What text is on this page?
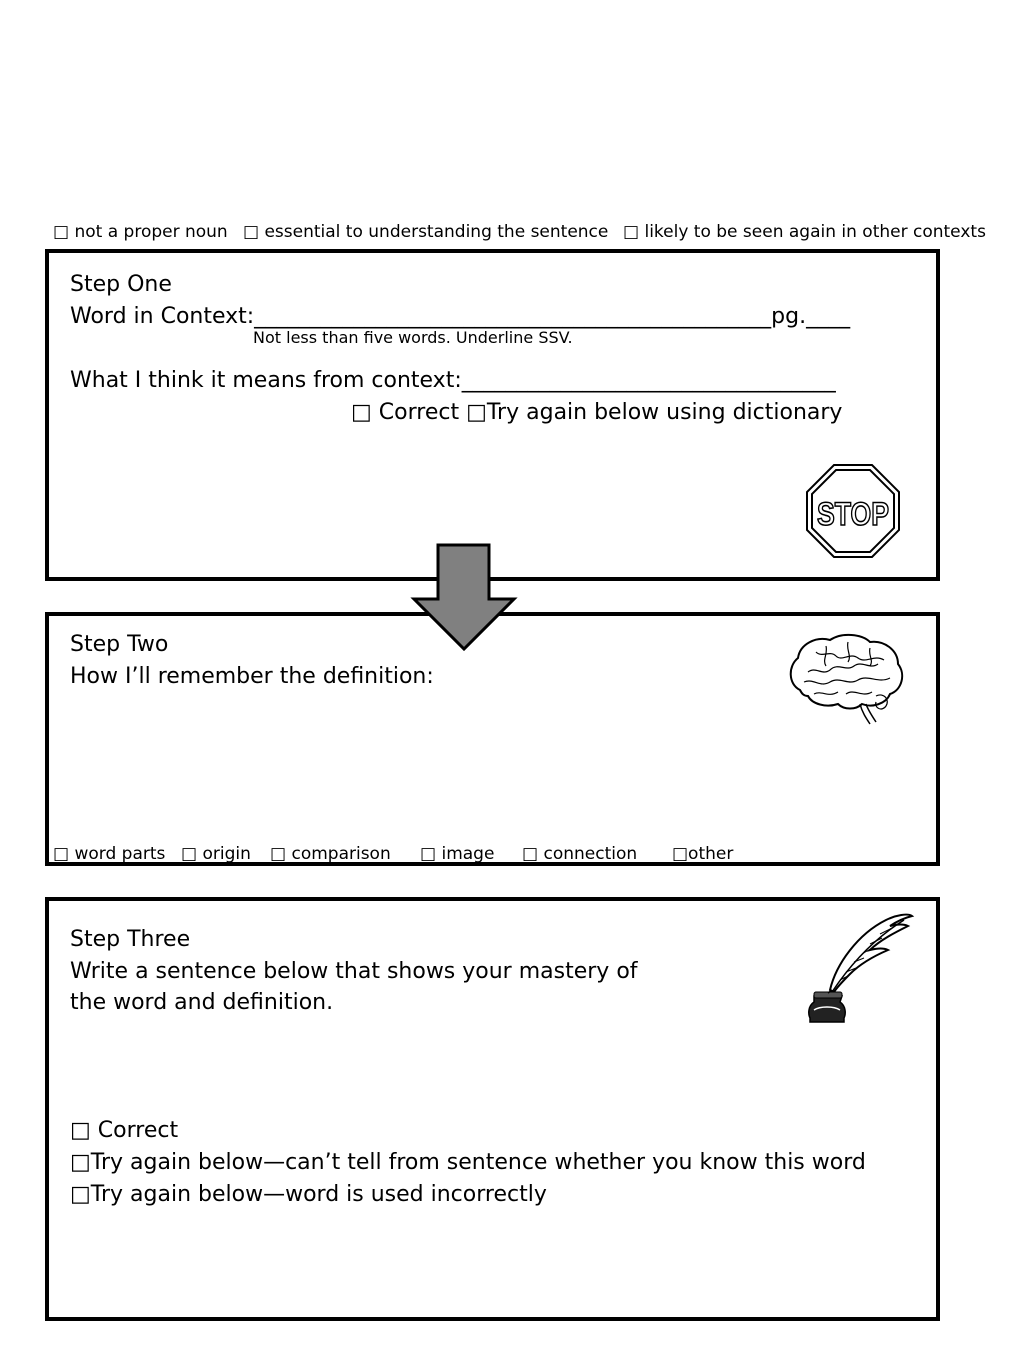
□ not a proper noun □ essential to understanding the sentence □ likely to be seen again in other contexts
Step One
Word in Context:_______________________________________________pg.____
Not less than five words. Underline SSV.
What I think it means from context:__________________________________
□ Correct □Try again below using dictionary
STOP
Step Two
How I’ll remember the definition:
□ word parts □ origin □ comparison □ image □ connection □other
Step Three
Write a sentence below that shows your mastery of
the word and definition.
□ Correct
□Try again below—can’t tell from sentence whether you know this word
□Try again below—word is used incorrectly
